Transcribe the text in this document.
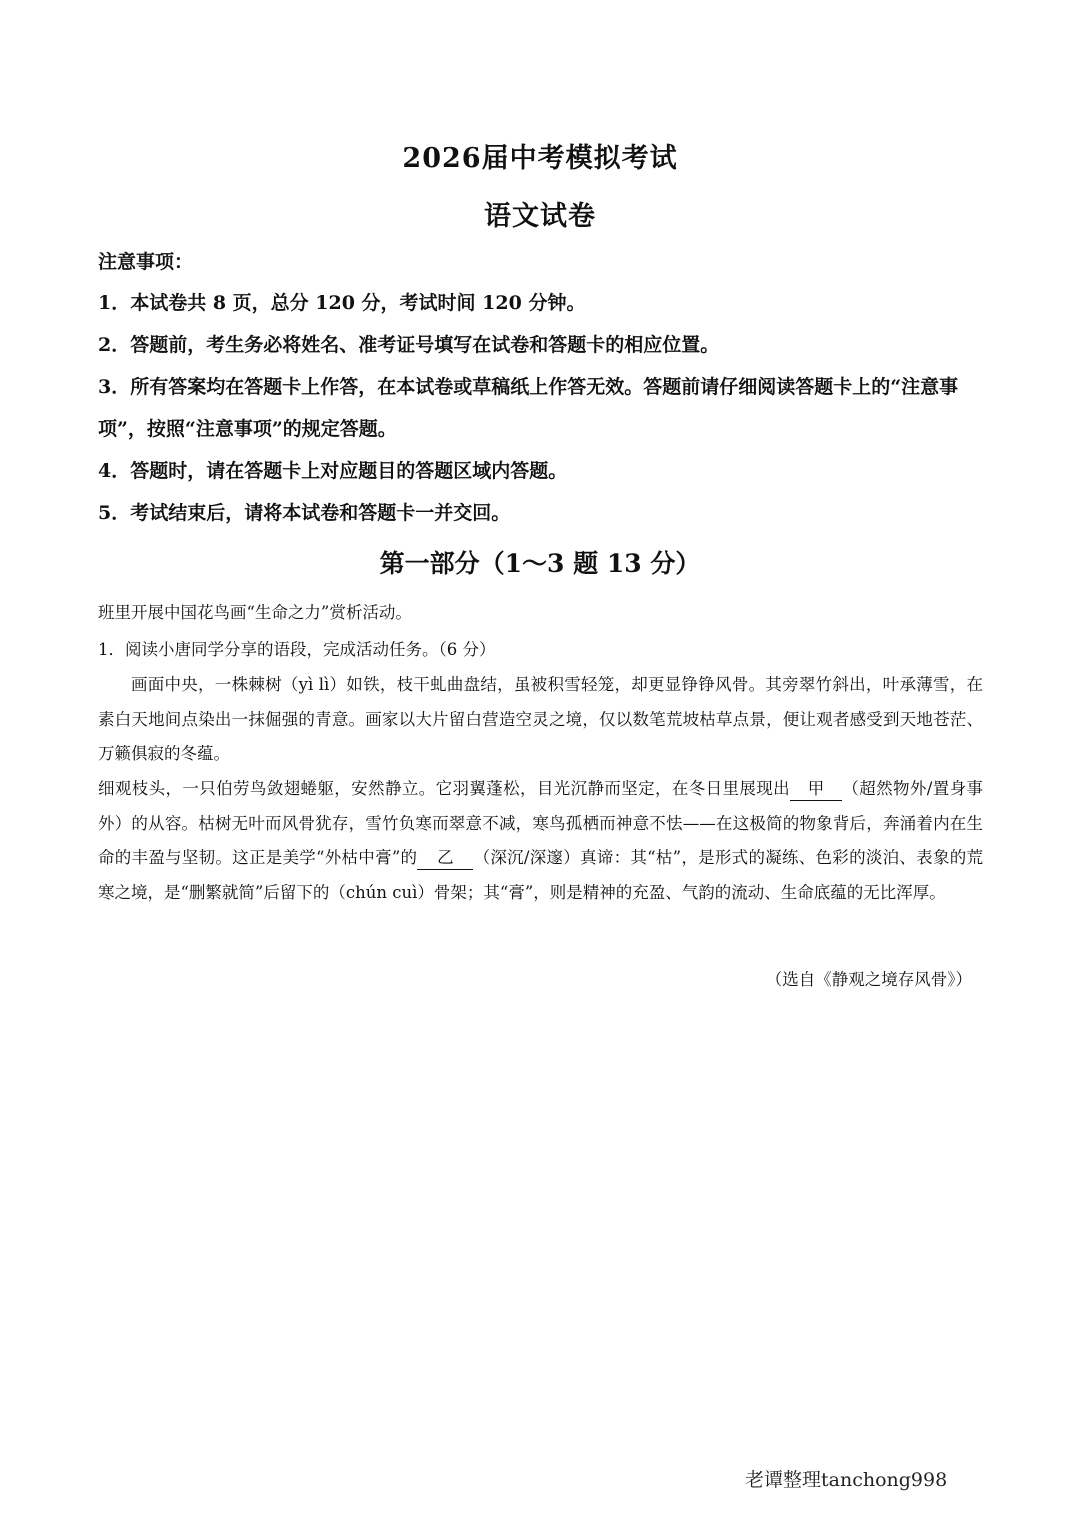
2026届中考模拟考试
语文试卷
注意事项：

1．本试卷共 8 页，总分 120 分，考试时间 120 分钟。

2．答题前，考生务必将姓名、准考证号填写在试卷和答题卡的相应位置。

3．所有答案均在答题卡上作答，在本试卷或草稿纸上作答无效。答题前请仔细阅读答题卡上的“注意事项”，按照“注意事项”的规定答题。

4．答题时，请在答题卡上对应题目的答题区域内答题。

5．考试结束后，请将本试卷和答题卡一并交回。

第一部分（1～3 题 13 分）
班里开展中国花鸟画“生命之力”赏析活动。
1．阅读小唐同学分享的语段，完成活动任务。（6 分）

画面中央，一株棘树（yì lì）如铁，枝干虬曲盘结，虽被积雪轻笼，却更显铮铮风骨。其旁翠竹斜出，叶承薄雪，在素白天地间点染出一抹倔强的青意。画家以大片留白营造空灵之境，仅以数笔荒坡枯草点景，便让观者感受到天地苍茫、万籁俱寂的冬蕴。

细观枝头，一只伯劳鸟敛翅蜷躯，安然静立。它羽翼蓬松，目光沉静而坚定，在冬日里展现出 甲 （超然物外/置身事外）的从容。枯树无叶而风骨犹存，雪竹负寒而翠意不减，寒鸟孤栖而神意不怯——在这极简的物象背后，奔涌着内在生命的丰盈与坚韧。这正是美学“外枯中膏”的 乙 （深沉/深邃）真谛：其“枯”，是形式的凝练、色彩的淡泊、表象的荒寒之境，是“删繁就简”后留下的（chún cuì）骨架；其“膏”，则是精神的充盈、气韵的流动、生命底蕴的无比浑厚。

（选自《静观之境存风骨》）
老谭整理tanchong998
